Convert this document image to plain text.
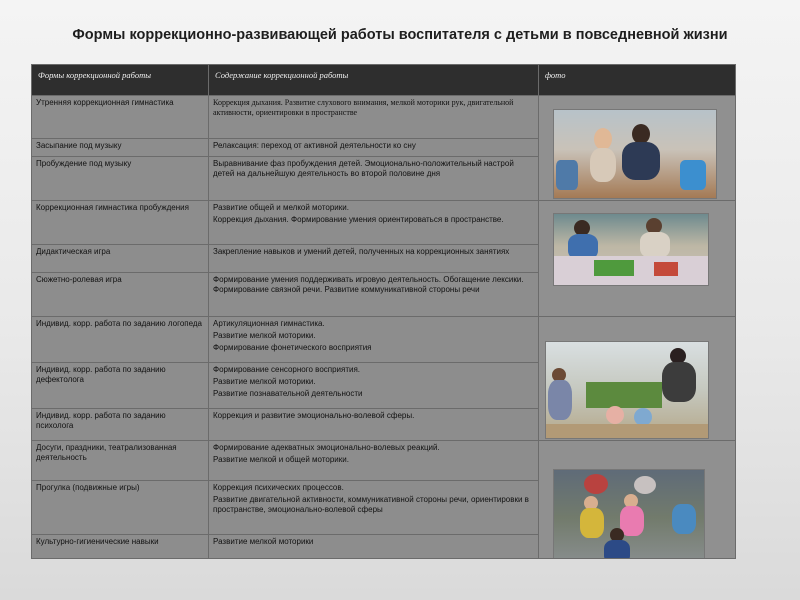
Формы коррекционно-развивающей работы воспитателя с детьми в повседневной жизни
Формы коррекционной работы	Содержание коррекционной работы	фото

Утренняя коррекционная гимнастика	Коррекция дыхания. Развитие слухового внимания, мелкой моторики рук, двигательной активности, ориентировки в пространстве	

Засыпание под музыку	Релаксация: переход от активной деятельности ко сну	

Пробуждение под музыку	Выравнивание фаз пробуждения детей. Эмоционально-положительный настрой детей на дальнейшую деятельность во второй половине дня	

Коррекционная гимнастика пробуждения	Развитие общей и мелкой моторики.
Коррекция дыхания. Формирование умения ориентироваться в пространстве.	

Дидактическая игра	Закрепление навыков и умений детей, полученных на коррекционных занятиях	

Сюжетно-ролевая игра	Формирование умения поддерживать игровую деятельность. Обогащение лексики. Формирование связной речи. Развитие коммуникативной стороны речи	

Индивид. корр. работа по заданию логопеда	Артикуляционная гимнастика.
Развитие мелкой моторики.
Формирование фонетического восприятия	

Индивид. корр. работа по заданию дефектолога	Формирование сенсорного восприятия.
Развитие мелкой моторики.
Развитие познавательной деятельности	

Индивид. корр. работа по заданию психолога	Коррекция и развитие эмоционально-волевой сферы.	

Досуги, праздники, театрализованная деятельность	Формирование адекватных эмоционально-волевых реакций.
Развитие мелкой и общей моторики.	

Прогулка (подвижные игры)	Коррекция психических процессов.
Развитие двигательной активности, коммуникативной стороны речи, ориентировки в пространстве, эмоционально-волевой сферы	

Культурно-гигиенические навыки	Развитие мелкой моторики	
